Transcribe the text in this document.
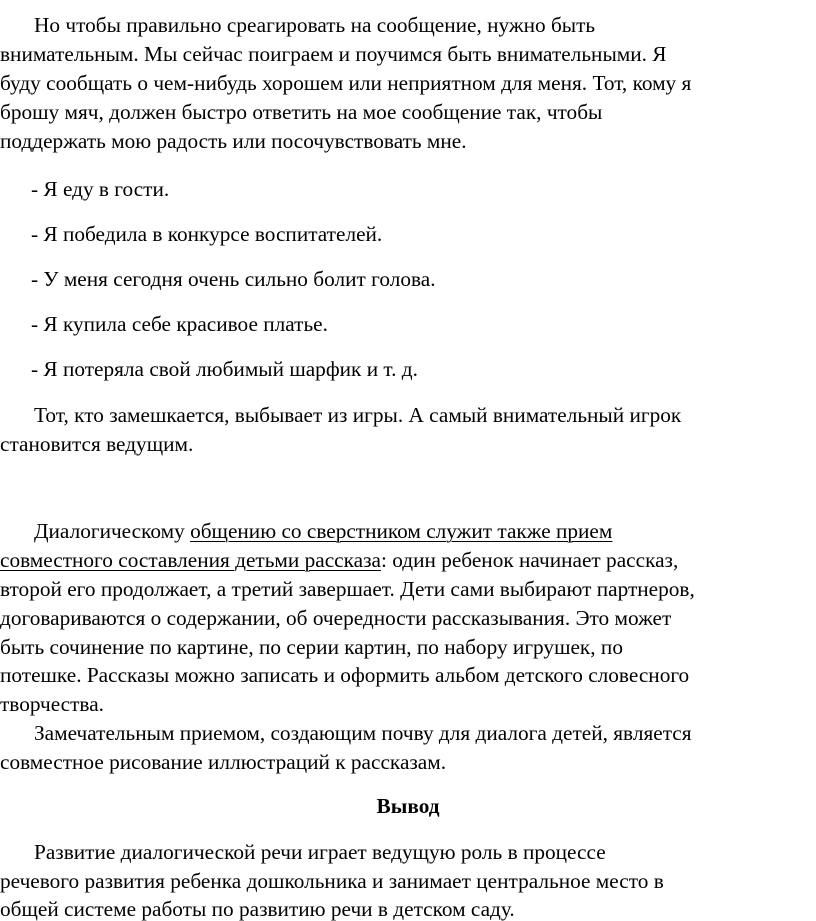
Но чтобы правильно среагировать на сообщение, нужно быть
внимательным. Мы сейчас поиграем и поучимся быть внимательными. Я
буду сообщать о чем-нибудь хорошем или неприятном для меня. Тот, кому я
брошу мяч, должен быстро ответить на мое сообщение так, чтобы
поддержать мою радость или посочувствовать мне.
- Я еду в гости.
- Я победила в конкурсе воспитателей.
- У меня сегодня очень сильно болит голова.
- Я купила себе красивое платье.
- Я потеряла свой любимый шарфик и т. д.
Тот, кто замешкается, выбывает из игры. А самый внимательный игрок
становится ведущим.
Диалогическому общению со сверстником служит также прием
совместного составления детьми рассказа: один ребенок начинает рассказ,
второй его продолжает, а третий завершает. Дети сами выбирают партнеров,
договариваются о содержании, об очередности рассказывания. Это может
быть сочинение по картине, по серии картин, по набору игрушек, по
потешке. Рассказы можно записать и оформить альбом детского словесного
творчества.
Замечательным приемом, создающим почву для диалога детей, является
совместное рисование иллюстраций к рассказам.
Вывод
Развитие диалогической речи играет ведущую роль в процессе
речевого развития ребенка дошкольника и занимает центральное место в
общей системе работы по развитию речи в детском саду.
